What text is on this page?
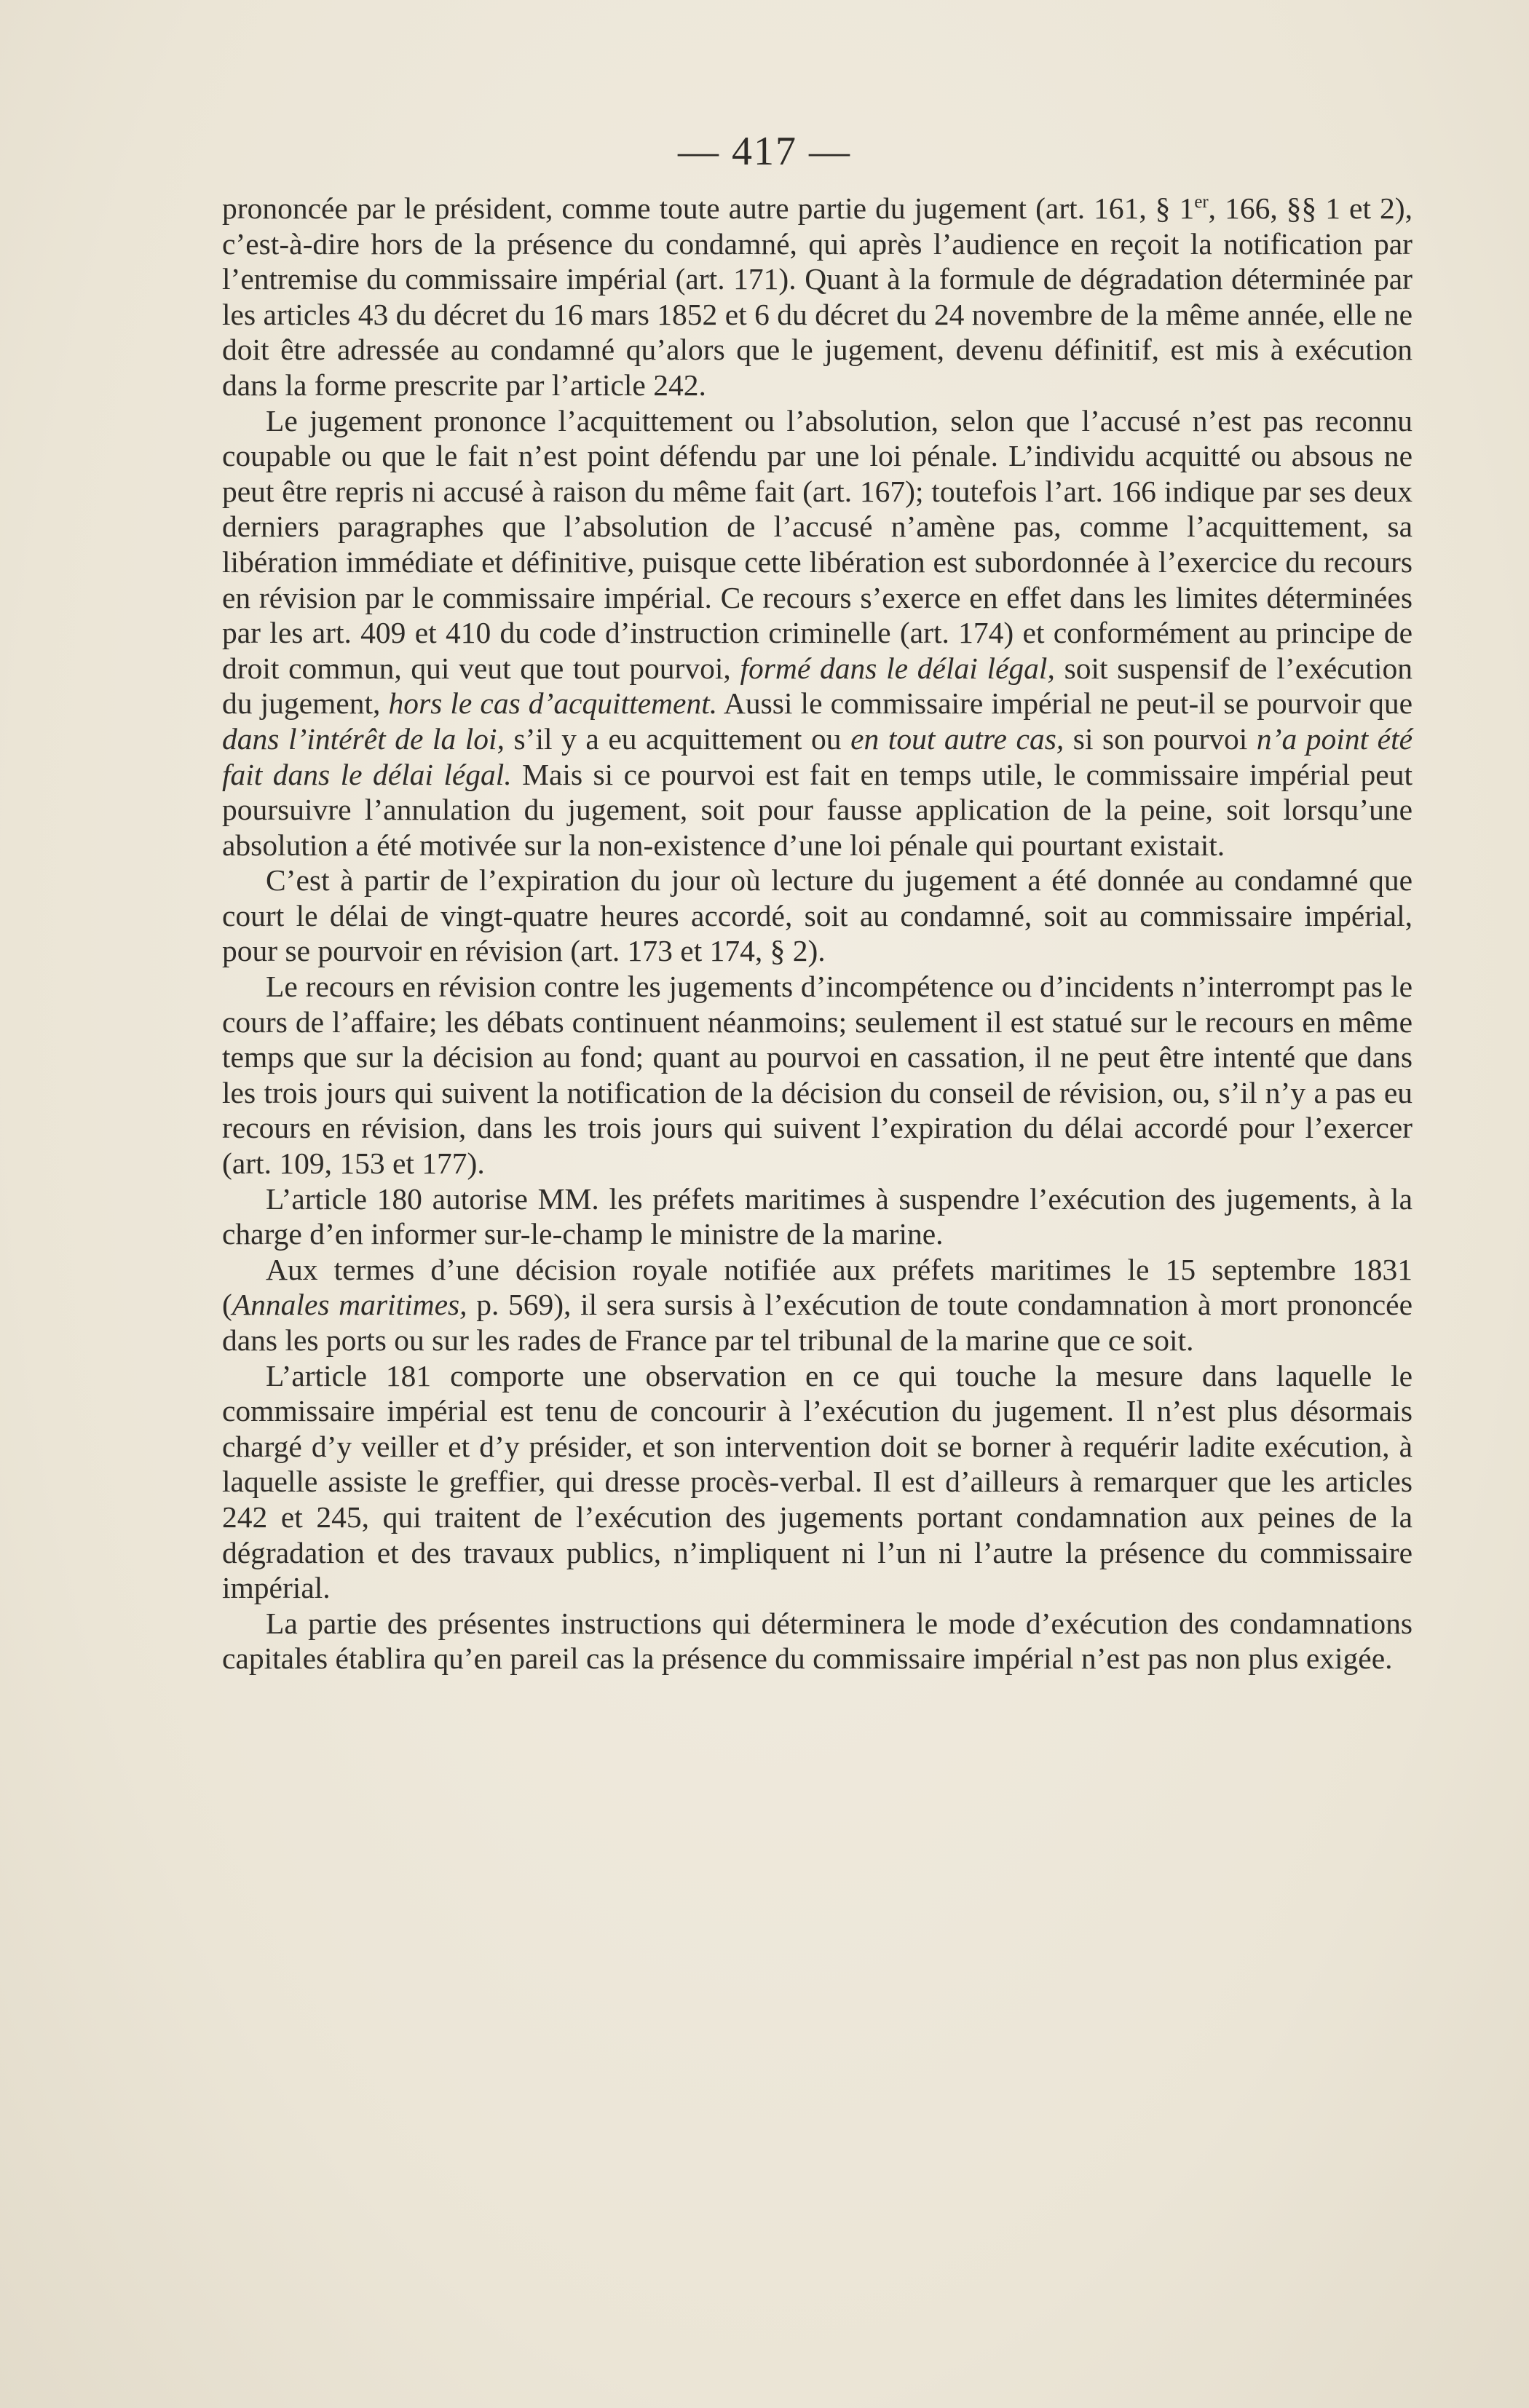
— 417 —

prononcée par le président, comme toute autre partie du jugement (art. 161, § 1er, 166, §§ 1 et 2), c’est-à-dire hors de la présence du condamné, qui après l’audience en reçoit la notification par l’entremise du commissaire impérial (art. 171). Quant à la formule de dégradation déterminée par les articles 43 du décret du 16 mars 1852 et 6 du décret du 24 novembre de la même année, elle ne doit être adressée au condamné qu’alors que le jugement, devenu définitif, est mis à exécution dans la forme prescrite par l’article 242.

Le jugement prononce l’acquittement ou l’absolution, selon que l’accusé n’est pas reconnu coupable ou que le fait n’est point défendu par une loi pénale. L’individu acquitté ou absous ne peut être repris ni accusé à raison du même fait (art. 167); toutefois l’art. 166 indique par ses deux derniers paragraphes que l’absolution de l’accusé n’amène pas, comme l’acquittement, sa libération immédiate et définitive, puisque cette libération est subordonnée à l’exercice du recours en révision par le commissaire impérial. Ce recours s’exerce en effet dans les limites déterminées par les art. 409 et 410 du code d’instruction criminelle (art. 174) et conformément au principe de droit commun, qui veut que tout pourvoi, formé dans le délai légal, soit suspensif de l’exécution du jugement, hors le cas d’acquittement. Aussi le commissaire impérial ne peut-il se pourvoir que dans l’intérêt de la loi, s’il y a eu acquittement ou en tout autre cas, si son pourvoi n’a point été fait dans le délai légal. Mais si ce pourvoi est fait en temps utile, le commissaire impérial peut poursuivre l’annulation du jugement, soit pour fausse application de la peine, soit lorsqu’une absolution a été motivée sur la non-existence d’une loi pénale qui pourtant existait.

C’est à partir de l’expiration du jour où lecture du jugement a été donnée au condamné que court le délai de vingt-quatre heures accordé, soit au condamné, soit au commissaire impérial, pour se pourvoir en révision (art. 173 et 174, § 2).

Le recours en révision contre les jugements d’incompétence ou d’incidents n’interrompt pas le cours de l’affaire; les débats continuent néanmoins; seulement il est statué sur le recours en même temps que sur la décision au fond; quant au pourvoi en cassation, il ne peut être intenté que dans les trois jours qui suivent la notification de la décision du conseil de révision, ou, s’il n’y a pas eu recours en révision, dans les trois jours qui suivent l’expiration du délai accordé pour l’exercer (art. 109, 153 et 177).

L’article 180 autorise MM. les préfets maritimes à suspendre l’exécution des jugements, à la charge d’en informer sur-le-champ le ministre de la marine.

Aux termes d’une décision royale notifiée aux préfets maritimes le 15 septembre 1831 (Annales maritimes, p. 569), il sera sursis à l’exécution de toute condamnation à mort prononcée dans les ports ou sur les rades de France par tel tribunal de la marine que ce soit.

L’article 181 comporte une observation en ce qui touche la mesure dans laquelle le commissaire impérial est tenu de concourir à l’exécution du jugement. Il n’est plus désormais chargé d’y veiller et d’y présider, et son intervention doit se borner à requérir ladite exécution, à laquelle assiste le greffier, qui dresse procès-verbal. Il est d’ailleurs à remarquer que les articles 242 et 245, qui traitent de l’exécution des jugements portant condamnation aux peines de la dégradation et des travaux publics, n’impliquent ni l’un ni l’autre la présence du commissaire impérial.

La partie des présentes instructions qui déterminera le mode d’exécution des condamnations capitales établira qu’en pareil cas la présence du commissaire impérial n’est pas non plus exigée.
